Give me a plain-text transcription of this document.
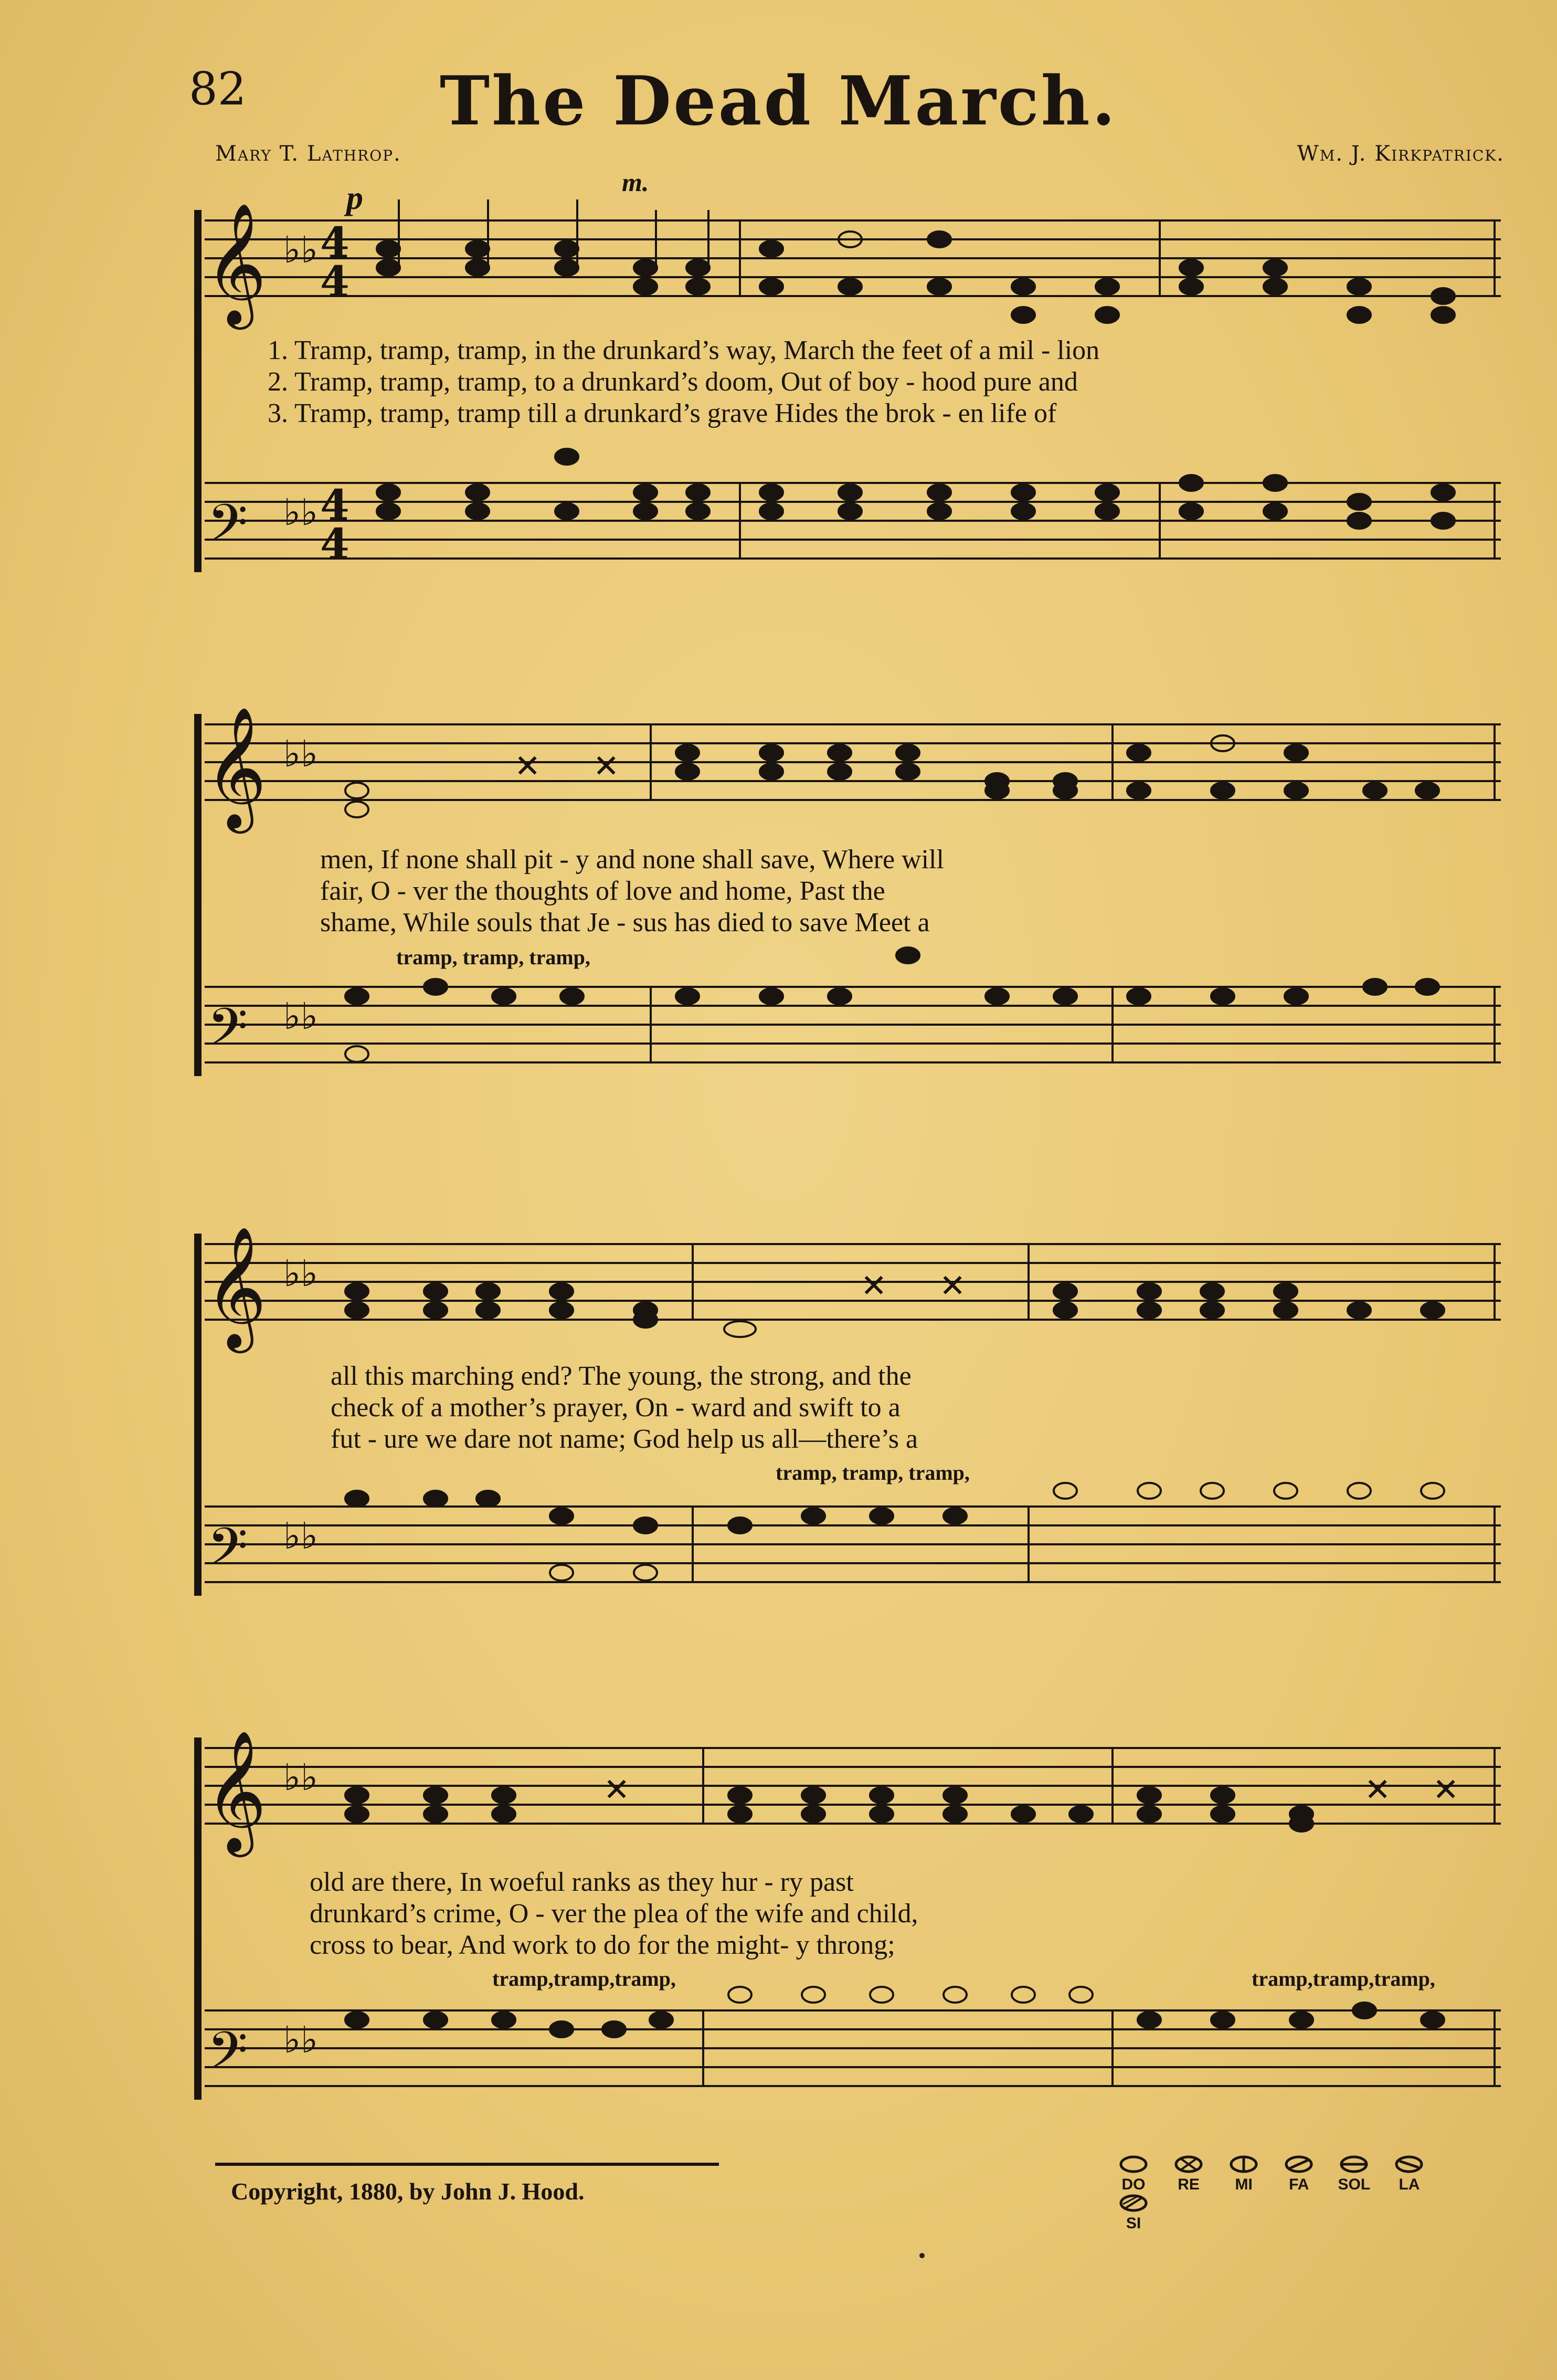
82	The Dead March.
Mary T. Lathrop.	Wm. J. Kirkpatrick.
p	m.
𝄞
𝄢
♭♭
♭♭
4
4
4
4
1. Tramp, tramp, tramp, in the drunkard’s way, March the feet of a mil - lion
2. Tramp, tramp, tramp, to a drunkard’s doom, Out of boy - hood pure and
3. Tramp, tramp, tramp till a drunkard’s grave Hides the brok - en life of
𝄞
𝄢
♭♭
♭♭
✕ ✕
men, If none shall pit - y and none shall save, Where will
fair, O - ver the thoughts of love and home, Past the
shame, While souls that Je - sus has died to save Meet a
tramp, tramp, tramp,
𝄞
𝄢
♭♭
♭♭
✕ ✕
all this marching end? The young, the strong, and the
check of a mother’s prayer, On - ward and swift to a
fut - ure we dare not name; God help us all—there’s a
tramp, tramp, tramp,
𝄞
𝄢
♭♭
♭♭
✕	✕ ✕
old are there, In woeful ranks as they hur - ry past
drunkard’s crime, O - ver the plea of the wife and child,
cross to bear, And work to do for the might- y throng;
tramp,tramp,tramp,	tramp,tramp,tramp,
Copyright, 1880, by John J. Hood.	DO
	RE
	MI
	FA
	SOL
	LA

SI
